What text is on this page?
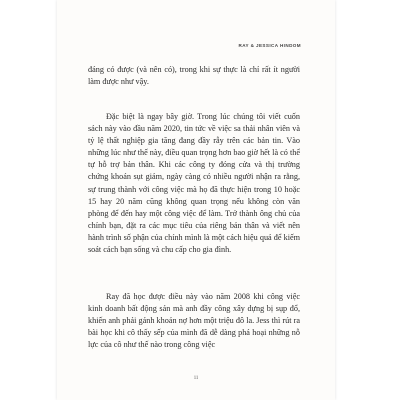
RAY & JESSICA HINDOM

đáng có được (và nên có), trong khi sự thực là chỉ rất ít người làm được như vậy.

Đặc biệt là ngay bây giờ. Trong lúc chúng tôi viết cuốn sách này vào đầu năm 2020, tin tức về việc sa thải nhân viên và tỷ lệ thất nghiệp gia tăng đang đầy rẫy trên các bản tin. Vào những lúc như thế này, điều quan trọng hơn bao giờ hết là có thể tự hỗ trợ bản thân. Khi các công ty đóng cửa và thị trường chứng khoán sụt giảm, ngày càng có nhiều người nhận ra rằng, sự trung thành với công việc mà họ đã thực hiện trong 10 hoặc 15 hay 20 năm cũng không quan trọng nếu không còn văn phòng để đến hay một công việc để làm. Trở thành ông chủ của chính bạn, đặt ra các mục tiêu của riêng bản thân và viết nên hành trình số phận của chính mình là một cách hiệu quả để kiếm soát cách bạn sống và chu cấp cho gia đình.

Ray đã học được điều này vào năm 2008 khi công việc kinh doanh bất động sản mà anh đầy công xây dựng bị sụp đổ, khiến anh phải gánh khoản nợ hơn một triệu đô la. Jess thì rút ra bài học khi cô thấy sếp của mình đã dễ dàng phá hoại những nỗ lực của cô như thế nào trong công việc

11
